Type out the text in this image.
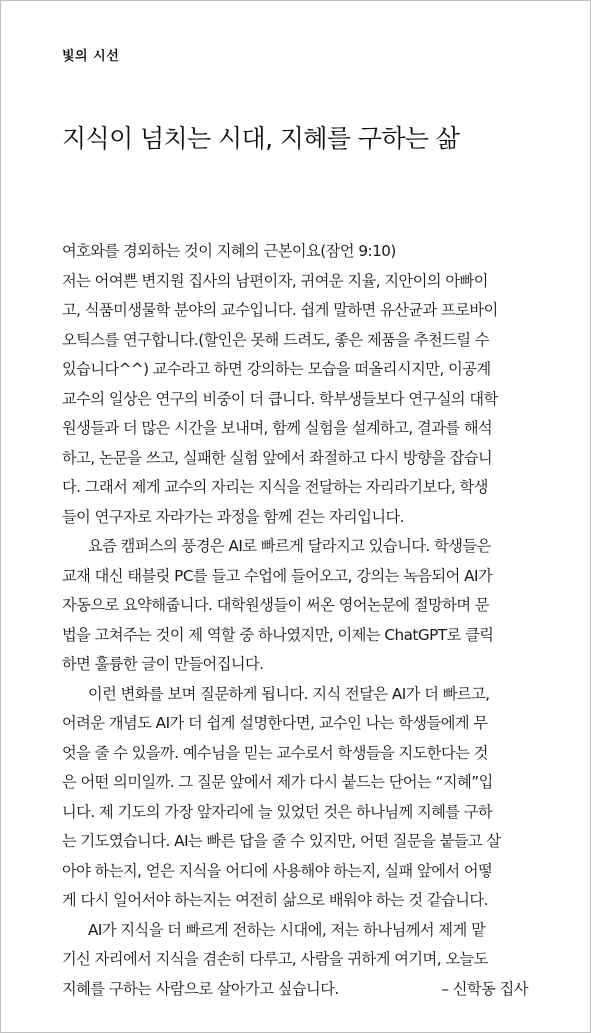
빛의 시선
지식이 넘치는 시대, 지혜를 구하는 삶
여호와를 경외하는 것이 지혜의 근본이요(잠언 9:10)
저는 어여쁜 변지원 집사의 남편이자, 귀여운 지율, 지안이의 아빠이
고, 식품미생물학 분야의 교수입니다. 쉽게 말하면 유산균과 프로바이
오틱스를 연구합니다.(할인은 못해 드려도, 좋은 제품을 추천드릴 수
있습니다^^) 교수라고 하면 강의하는 모습을 떠올리시지만, 이공계
교수의 일상은 연구의 비중이 더 큽니다. 학부생들보다 연구실의 대학
원생들과 더 많은 시간을 보내며, 함께 실험을 설계하고, 결과를 해석
하고, 논문을 쓰고, 실패한 실험 앞에서 좌절하고 다시 방향을 잡습니
다. 그래서 제게 교수의 자리는 지식을 전달하는 자리라기보다, 학생
들이 연구자로 자라가는 과정을 함께 걷는 자리입니다.
요즘 캠퍼스의 풍경은 AI로 빠르게 달라지고 있습니다. 학생들은
교재 대신 태블릿 PC를 들고 수업에 들어오고, 강의는 녹음되어 AI가
자동으로 요약해줍니다. 대학원생들이 써온 영어논문에 절망하며 문
법을 고쳐주는 것이 제 역할 중 하나였지만, 이제는 ChatGPT로 클릭
하면 훌륭한 글이 만들어집니다.
이런 변화를 보며 질문하게 됩니다. 지식 전달은 AI가 더 빠르고,
어려운 개념도 AI가 더 쉽게 설명한다면, 교수인 나는 학생들에게 무
엇을 줄 수 있을까. 예수님을 믿는 교수로서 학생들을 지도한다는 것
은 어떤 의미일까. 그 질문 앞에서 제가 다시 붙드는 단어는 “지혜”입
니다. 제 기도의 가장 앞자리에 늘 있었던 것은 하나님께 지혜를 구하
는 기도였습니다. AI는 빠른 답을 줄 수 있지만, 어떤 질문을 붙들고 살
아야 하는지, 얻은 지식을 어디에 사용해야 하는지, 실패 앞에서 어떻
게 다시 일어서야 하는지는 여전히 삶으로 배워야 하는 것 같습니다.
AI가 지식을 더 빠르게 전하는 시대에, 저는 하나님께서 제게 맡
기신 자리에서 지식을 겸손히 다루고, 사람을 귀하게 여기며, 오늘도
지혜를 구하는 사람으로 살아가고 싶습니다.	– 신학동 집사
